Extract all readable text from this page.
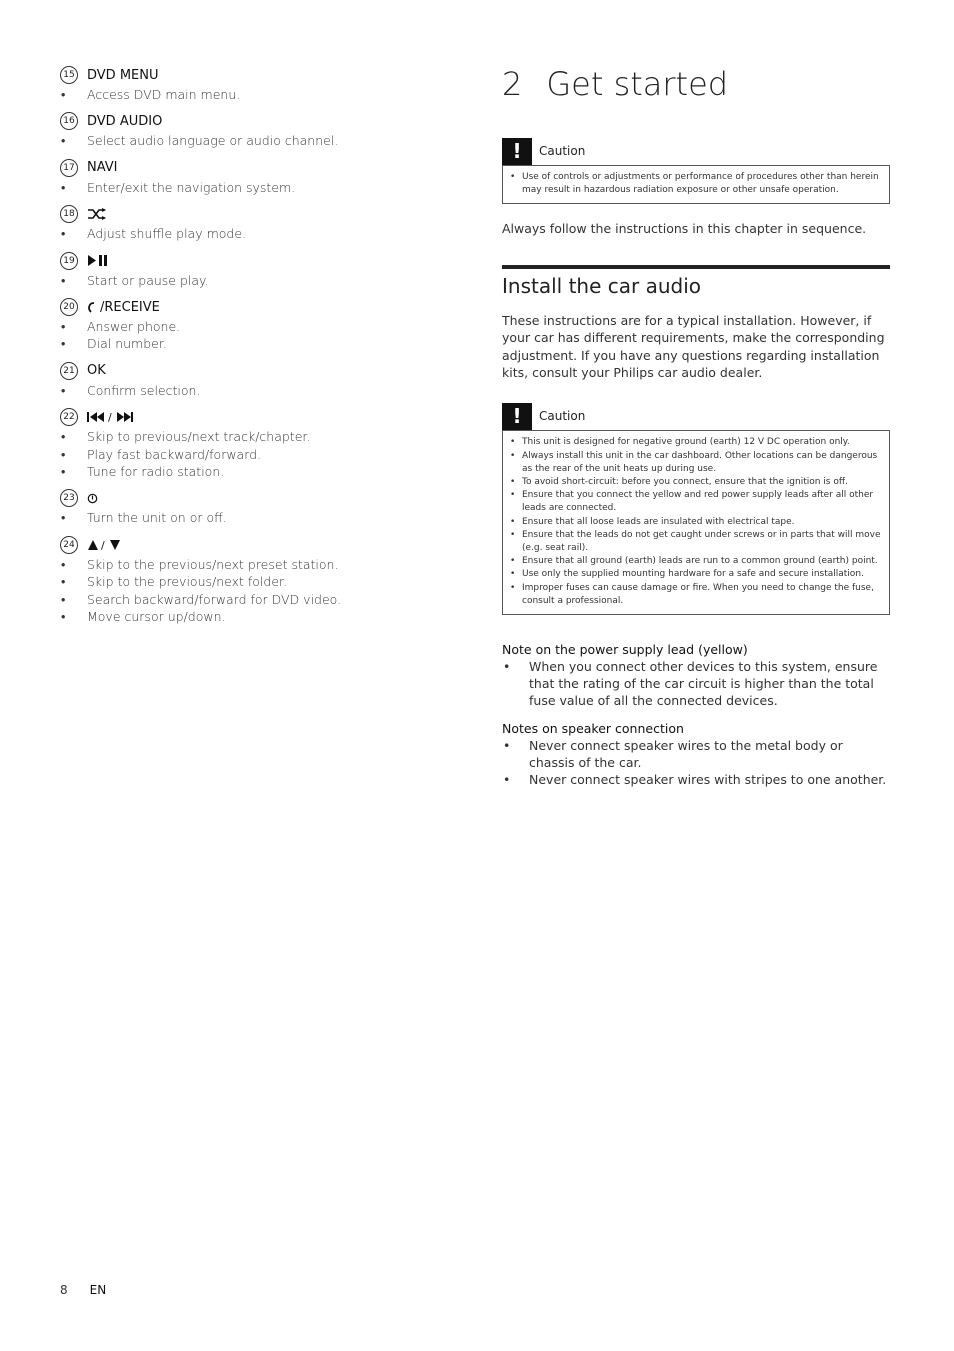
15 DVD MENU
• Access DVD main menu.
16 DVD AUDIO
• Select audio language or audio channel.
17 NAVI
• Enter/exit the navigation system.
18
• Adjust shuffle play mode.
19
• Start or pause play.
20 /RECEIVE
• Answer phone.
• Dial number.
21 OK
• Confirm selection.
22	/
• Skip to previous/next track/chapter.
• Play fast backward/forward.
• Tune for radio station.
23
• Turn the unit on or off.
24 /
• Skip to the previous/next preset station.
• Skip to the previous/next folder.
• Search backward/forward for DVD video.
• Move cursor up/down.
2 Get started
!	Caution
• Use of controls or adjustments or performance of procedures other than herein may result in hazardous radiation exposure or other unsafe operation.
Always follow the instructions in this chapter in sequence.
Install the car audio
These instructions are for a typical installation. However, if your car has different requirements, make the corresponding adjustment. If you have any questions regarding installation kits, consult your Philips car audio dealer.
!	Caution
• This unit is designed for negative ground (earth) 12 V DC operation only.
• Always install this unit in the car dashboard. Other locations can be dangerous as the rear of the unit heats up during use.
• To avoid short-circuit: before you connect, ensure that the ignition is off.
• Ensure that you connect the yellow and red power supply leads after all other leads are connected.
• Ensure that all loose leads are insulated with electrical tape.
• Ensure that the leads do not get caught under screws or in parts that will move (e.g. seat rail).
• Ensure that all ground (earth) leads are run to a common ground (earth) point.
• Use only the supplied mounting hardware for a safe and secure installation.
• Improper fuses can cause damage or fire. When you need to change the fuse, consult a professional.
Note on the power supply lead (yellow)
• When you connect other devices to this system, ensure that the rating of the car circuit is higher than the total fuse value of all the connected devices.
Notes on speaker connection
• Never connect speaker wires to the metal body or chassis of the car.
• Never connect speaker wires with stripes to one another.
8 EN
